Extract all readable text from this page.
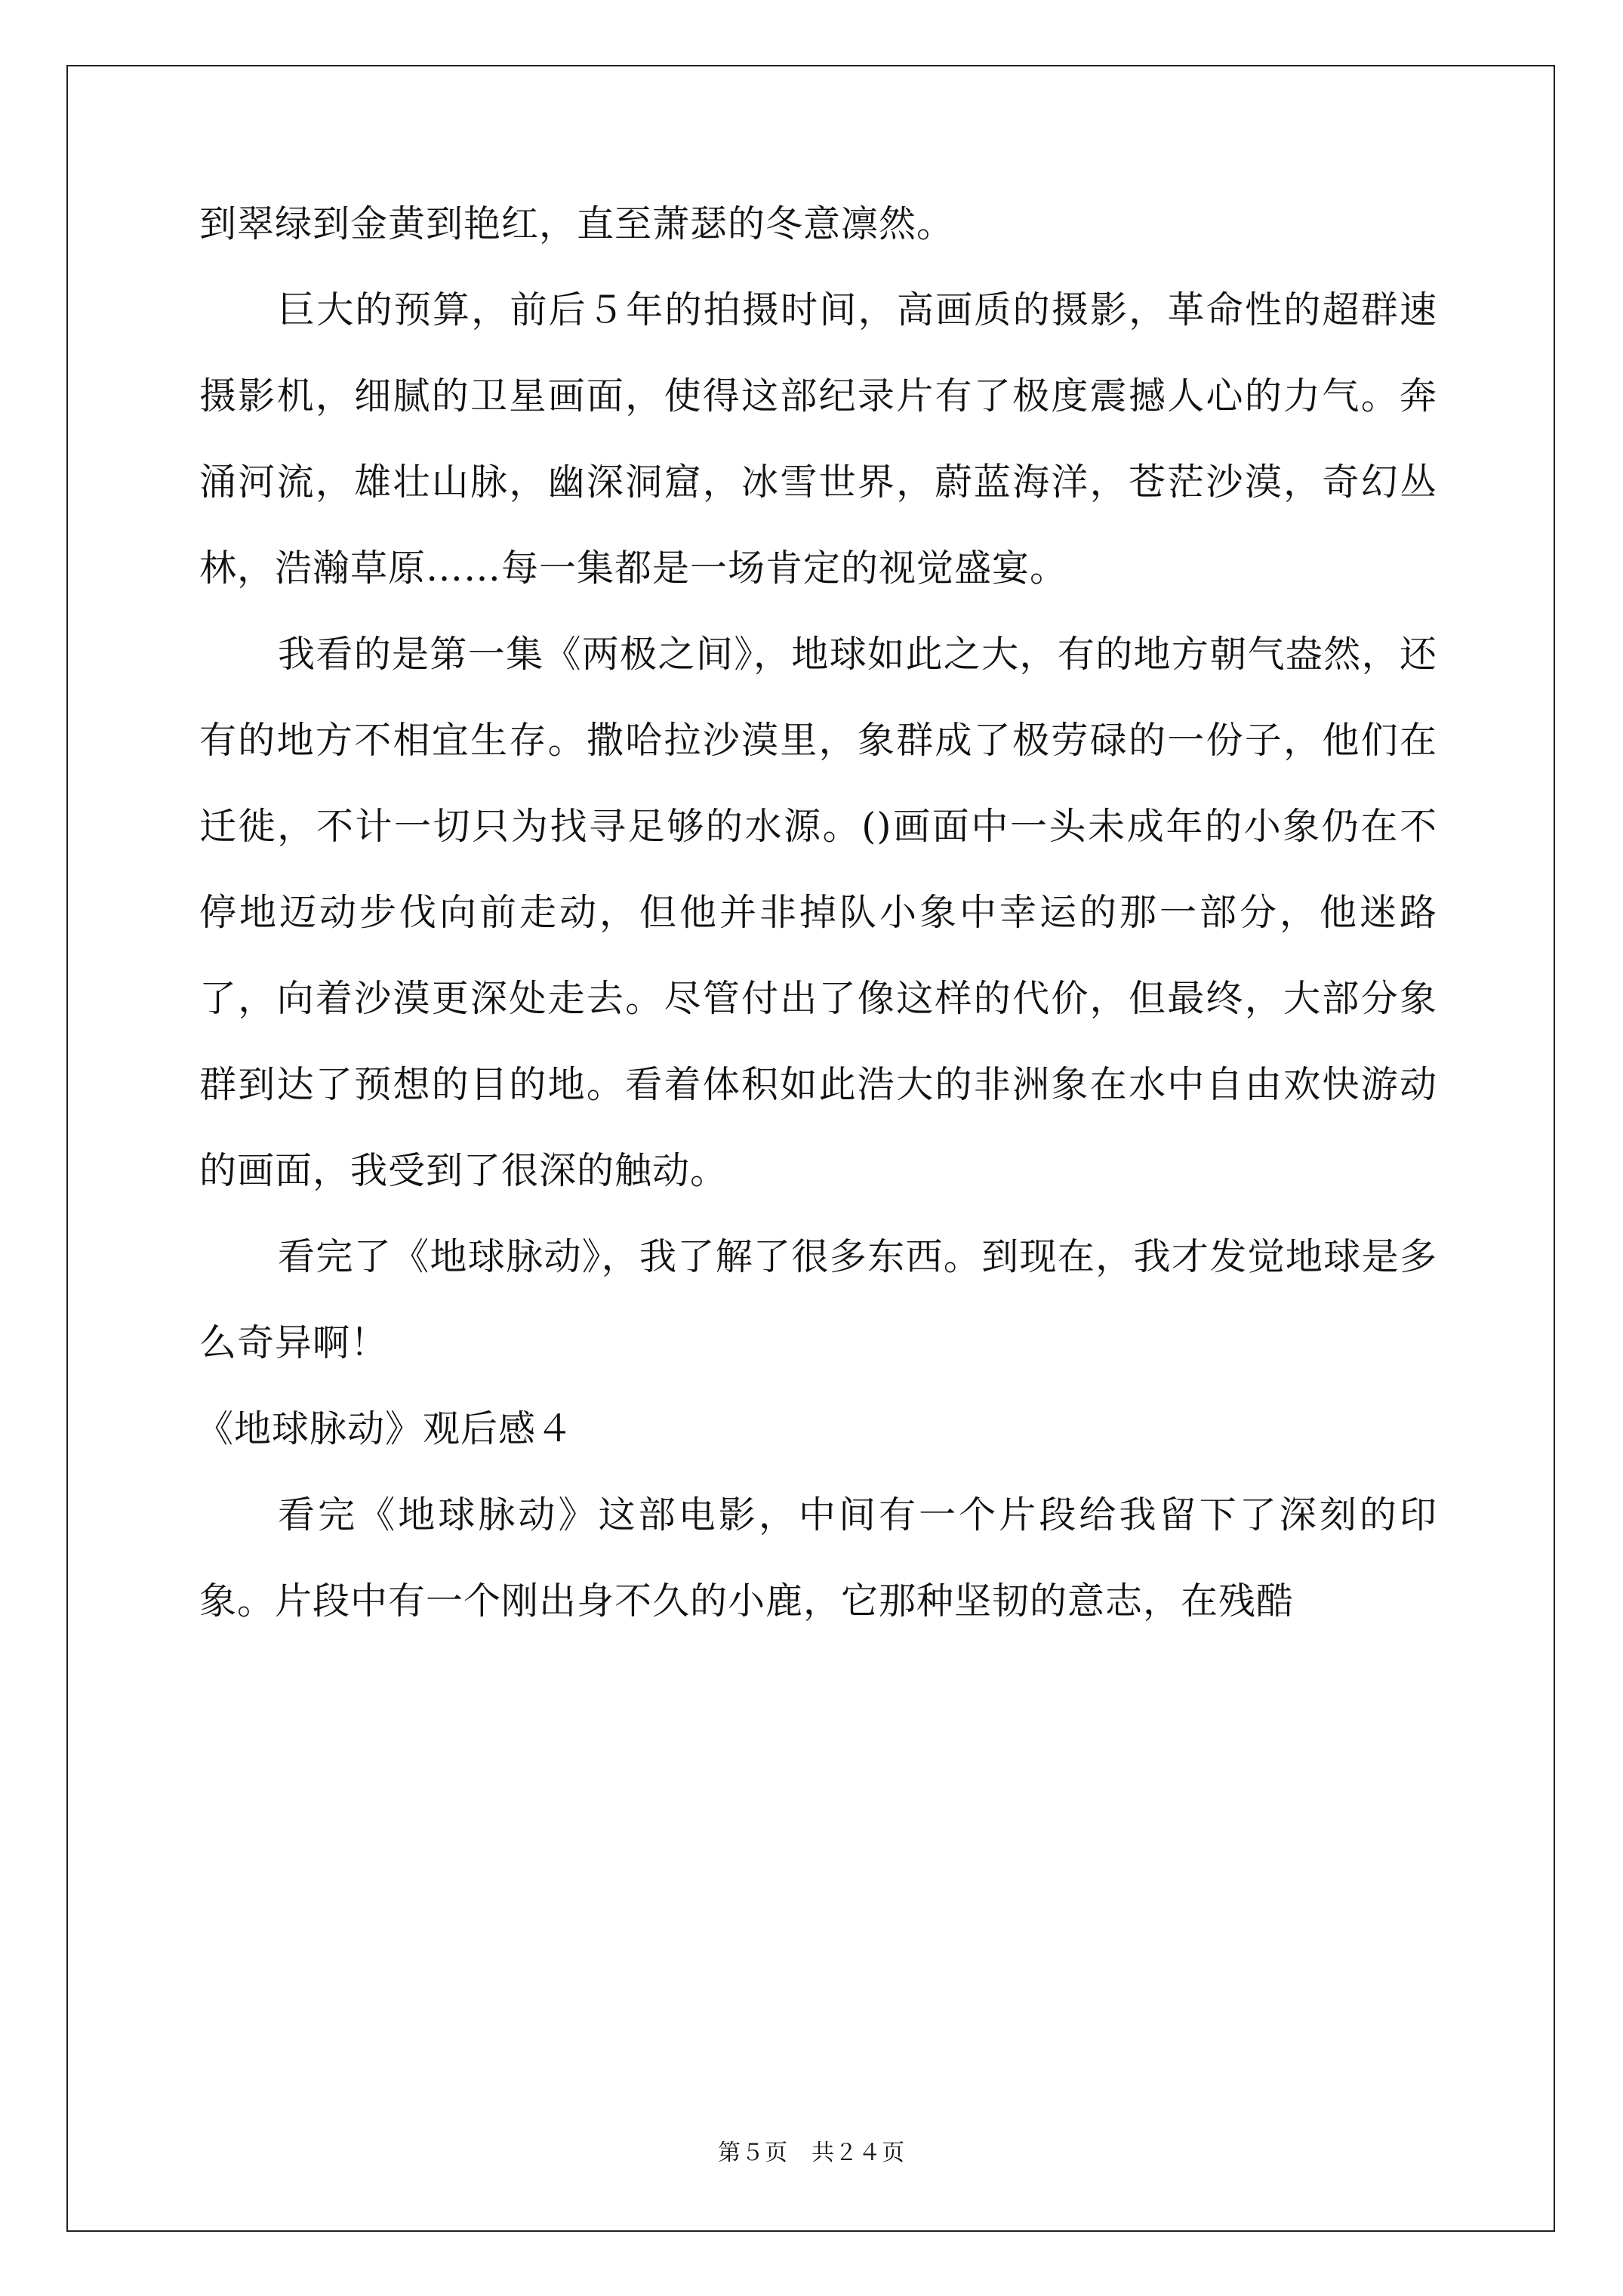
到翠绿到金黄到艳红，直至萧瑟的冬意凛然。

巨大的预算，前后５年的拍摄时间，高画质的摄影，革命性的超群速摄影机，细腻的卫星画面，使得这部纪录片有了极度震撼人心的力气。奔涌河流，雄壮山脉，幽深洞窟，冰雪世界，蔚蓝海洋，苍茫沙漠，奇幻丛林，浩瀚草原……每一集都是一场肯定的视觉盛宴。

我看的是第一集《两极之间》，地球如此之大，有的地方朝气盎然，还有的地方不相宜生存。撒哈拉沙漠里，象群成了极劳碌的一份子，他们在迁徙，不计一切只为找寻足够的水源。()画面中一头未成年的小象仍在不停地迈动步伐向前走动，但他并非掉队小象中幸运的那一部分，他迷路了，向着沙漠更深处走去。尽管付出了像这样的代价，但最终，大部分象群到达了预想的目的地。看着体积如此浩大的非洲象在水中自由欢快游动的画面，我受到了很深的触动。

看完了《地球脉动》，我了解了很多东西。到现在，我才发觉地球是多么奇异啊！

《地球脉动》观后感４

看完《地球脉动》这部电影，中间有一个片段给我留下了深刻的印象。片段中有一个刚出身不久的小鹿，它那种坚韧的意志，在残酷

第５页　共２４页
